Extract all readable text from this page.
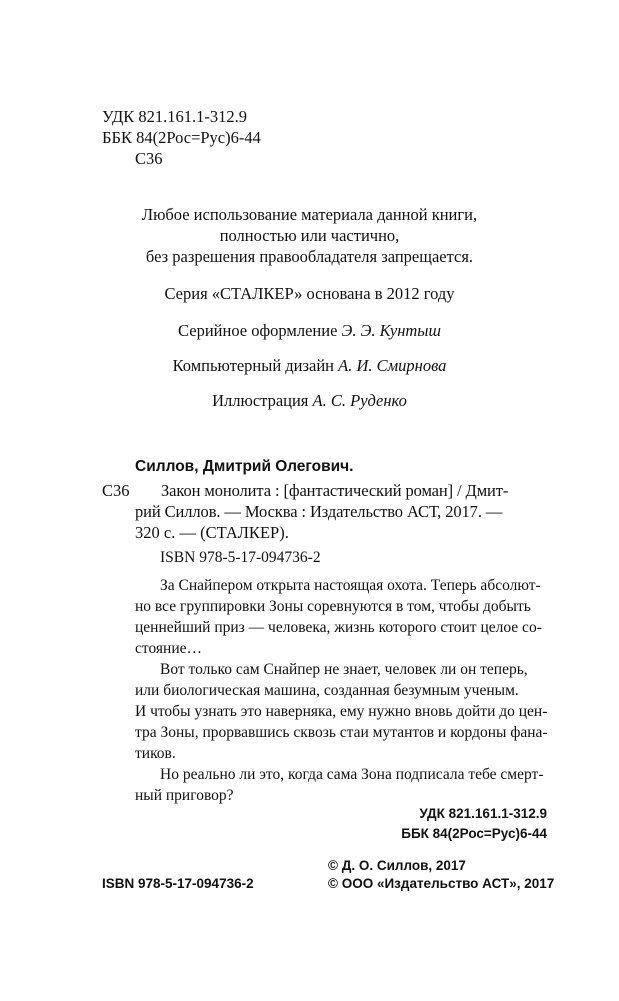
УДК 821.161.1-312.9
ББК 84(2Рос=Рус)6-44
С36
Любое использование материала данной книги,
полностью или частично,
без разрешения правообладателя запрещается.
Серия «СТАЛКЕР» основана в 2012 году
Серийное оформление Э. Э. Кунтыш
Компьютерный дизайн А. И. Смирнова
Иллюстрация А. С. Руденко
Силлов, Дмитрий Олегович.
С36 Закон монолита : [фантастический роман] / Дмит-
рий Силлов. — Москва : Издательство АСТ, 2017. —
320 с. — (СТАЛКЕР).
ISBN 978-5-17-094736-2
За Снайпером открыта настоящая охота. Теперь абсолют-
но все группировки Зоны соревнуются в том, чтобы добыть
ценнейший приз — человека, жизнь которого стоит целое со-
стояние…
Вот только сам Снайпер не знает, человек ли он теперь,
или биологическая машина, созданная безумным ученым.
И чтобы узнать это наверняка, ему нужно вновь дойти до цен-
тра Зоны, прорвавшись сквозь стаи мутантов и кордоны фана-
тиков.
Но реально ли это, когда сама Зона подписала тебе смерт-
ный приговор?
УДК 821.161.1-312.9
ББК 84(2Рос=Рус)6-44
ISBN 978-5-17-094736-2
© Д. О. Силлов, 2017
© ООО «Издательство АСТ», 2017
